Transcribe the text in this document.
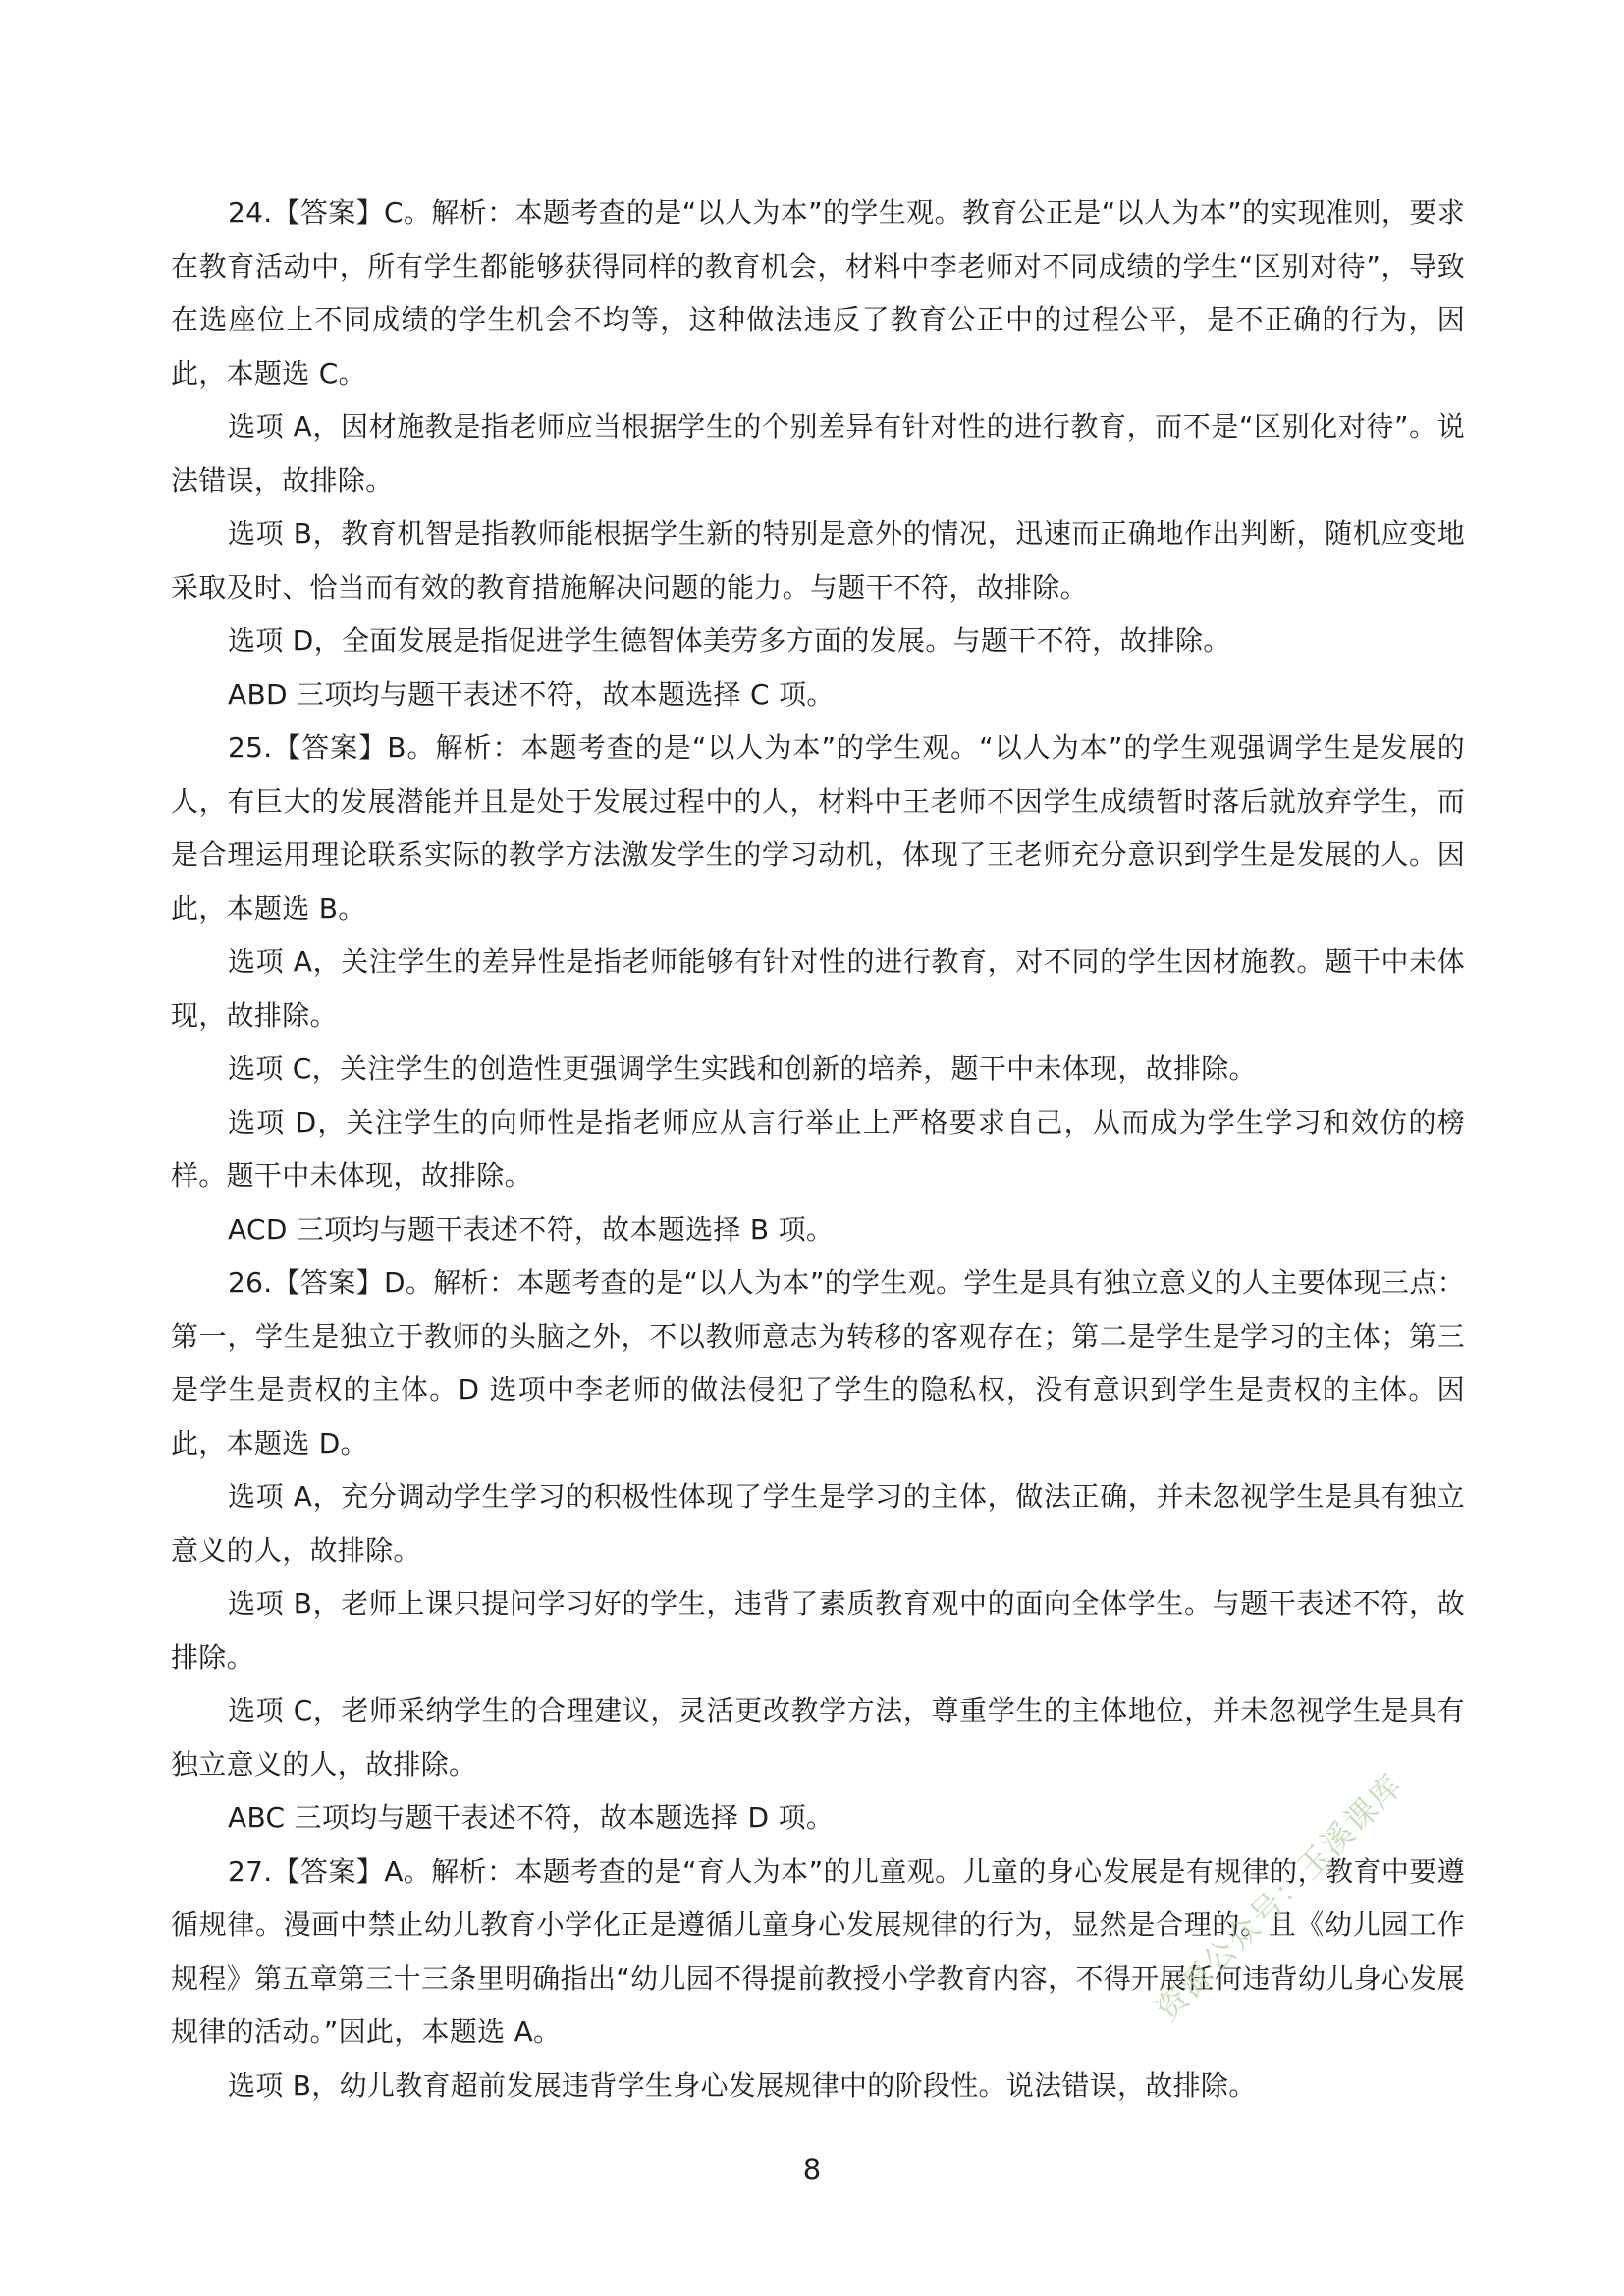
24.【答案】C。解析：本题考查的是“以人为本”的学生观。教育公正是“以人为本”的实现准则，要求在教育活动中，所有学生都能够获得同样的教育机会，材料中李老师对不同成绩的学生“区别对待”，导致在选座位上不同成绩的学生机会不均等，这种做法违反了教育公正中的过程公平，是不正确的行为，因此，本题选 C。

选项 A，因材施教是指老师应当根据学生的个别差异有针对性的进行教育，而不是“区别化对待”。说法错误，故排除。

选项 B，教育机智是指教师能根据学生新的特别是意外的情况，迅速而正确地作出判断，随机应变地采取及时、恰当而有效的教育措施解决问题的能力。与题干不符，故排除。

选项 D，全面发展是指促进学生德智体美劳多方面的发展。与题干不符，故排除。

ABD 三项均与题干表述不符，故本题选择 C 项。

25.【答案】B。解析：本题考查的是“以人为本”的学生观。“以人为本”的学生观强调学生是发展的人，有巨大的发展潜能并且是处于发展过程中的人，材料中王老师不因学生成绩暂时落后就放弃学生，而是合理运用理论联系实际的教学方法激发学生的学习动机，体现了王老师充分意识到学生是发展的人。因此，本题选 B。

选项 A，关注学生的差异性是指老师能够有针对性的进行教育，对不同的学生因材施教。题干中未体现，故排除。

选项 C，关注学生的创造性更强调学生实践和创新的培养，题干中未体现，故排除。

选项 D，关注学生的向师性是指老师应从言行举止上严格要求自己，从而成为学生学习和效仿的榜样。题干中未体现，故排除。

ACD 三项均与题干表述不符，故本题选择 B 项。

26.【答案】D。解析：本题考查的是“以人为本”的学生观。学生是具有独立意义的人主要体现三点：第一，学生是独立于教师的头脑之外，不以教师意志为转移的客观存在；第二是学生是学习的主体；第三是学生是责权的主体。D 选项中李老师的做法侵犯了学生的隐私权，没有意识到学生是责权的主体。因此，本题选 D。

选项 A，充分调动学生学习的积极性体现了学生是学习的主体，做法正确，并未忽视学生是具有独立意义的人，故排除。

选项 B，老师上课只提问学习好的学生，违背了素质教育观中的面向全体学生。与题干表述不符，故排除。

选项 C，老师采纳学生的合理建议，灵活更改教学方法，尊重学生的主体地位，并未忽视学生是具有独立意义的人，故排除。

ABC 三项均与题干表述不符，故本题选择 D 项。

27.【答案】A。解析：本题考查的是“育人为本”的儿童观。儿童的身心发展是有规律的，教育中要遵循规律。漫画中禁止幼儿教育小学化正是遵循儿童身心发展规律的行为，显然是合理的。且《幼儿园工作规程》第五章第三十三条里明确指出“幼儿园不得提前教授小学教育内容，不得开展任何违背幼儿身心发展规律的活动。”因此，本题选 A。

选项 B，幼儿教育超前发展违背学生身心发展规律中的阶段性。说法错误，故排除。

8
资源公众号：玉溪课库
